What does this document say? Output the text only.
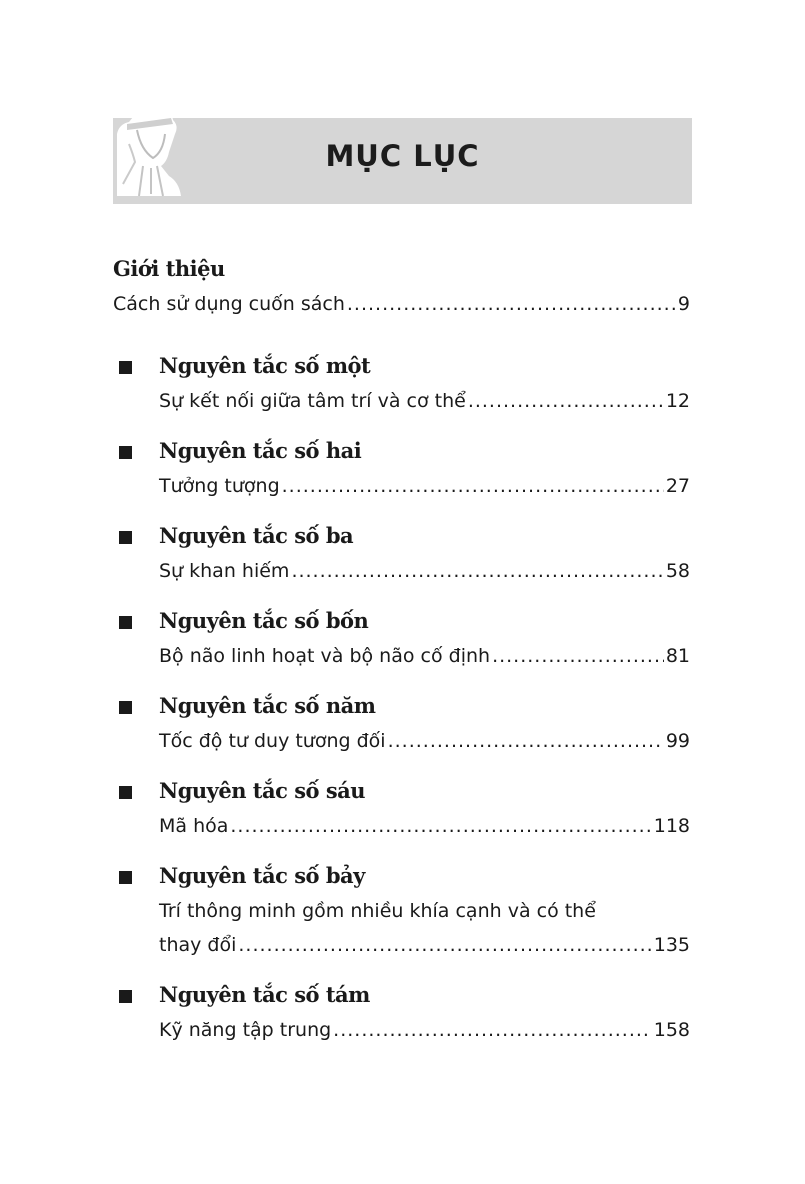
MỤC LỤC
Giới thiệu
Cách sử dụng cuốn sách .....	9
Nguyên tắc số một
Sự kết nối giữa tâm trí và cơ thể .....	12
Nguyên tắc số hai
Tưởng tượng .....	27
Nguyên tắc số ba
Sự khan hiếm .....	58
Nguyên tắc số bốn
Bộ não linh hoạt và bộ não cố định .....	81
Nguyên tắc số năm
Tốc độ tư duy tương đối .....	99
Nguyên tắc số sáu
Mã hóa .....	118
Nguyên tắc số bảy
Trí thông minh gồm nhiều khía cạnh và có thể
thay đổi .....	135
Nguyên tắc số tám
Kỹ năng tập trung .....	158
